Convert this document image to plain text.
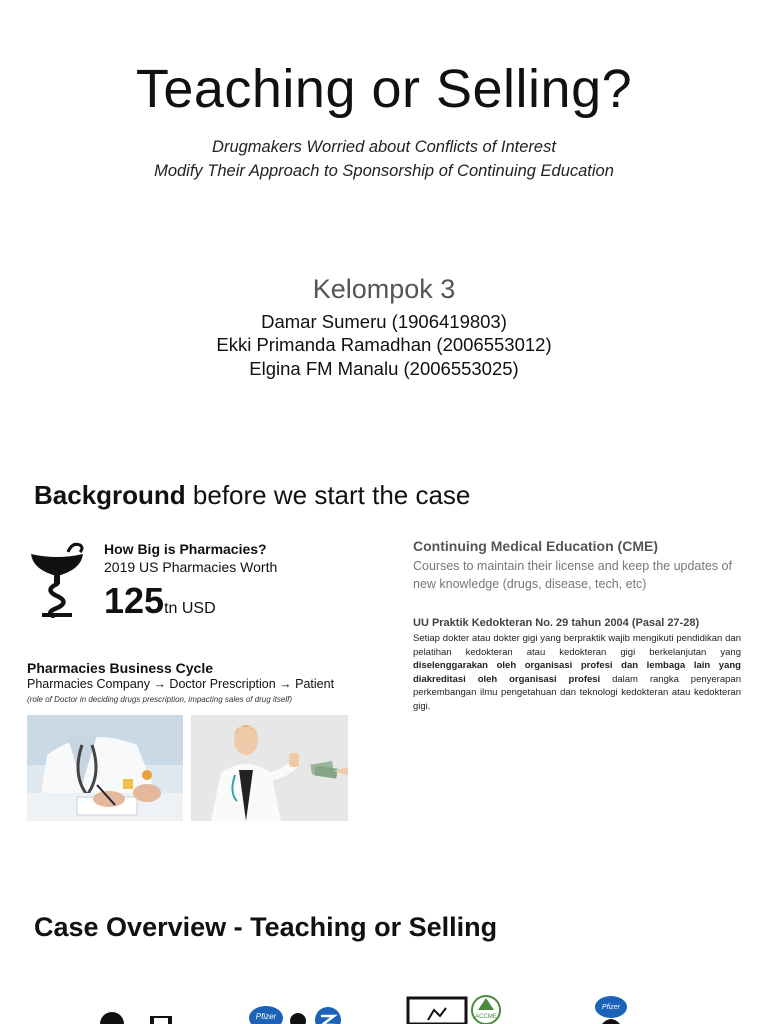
Teaching or Selling?
Drugmakers Worried about Conflicts of Interest
Modify Their Approach to Sponsorship of Continuing Education
Kelompok 3
Damar Sumeru (1906419803)
Ekki Primanda Ramadhan (2006553012)
Elgina FM Manalu (2006553025)
Background before we start the case
How Big is Pharmacies?
2019 US Pharmacies Worth
125tn USD
Pharmacies Business Cycle
Pharmacies Company → Doctor Prescription → Patient
(role of Doctor in deciding drugs prescription, impacting sales of drug itself)
Continuing Medical Education (CME)
Courses to maintain their license and keep the updates of new knowledge (drugs, disease, tech, etc)
UU Praktik Kedokteran No. 29 tahun 2004 (Pasal 27-28)
Setiap dokter atau dokter gigi yang berpraktik wajib mengikuti pendidikan dan pelatihan kedokteran atau kedokteran gigi berkelanjutan yang diselenggarakan oleh organisasi profesi dan lembaga lain yang diakreditasi oleh organisasi profesi dalam rangka penyerapan perkembangan ilmu pengetahuan dan teknologi kedokteran atau kedokteran gigi.
Case Overview - Teaching or Selling
Pfizer	ACCME
Pfizer
